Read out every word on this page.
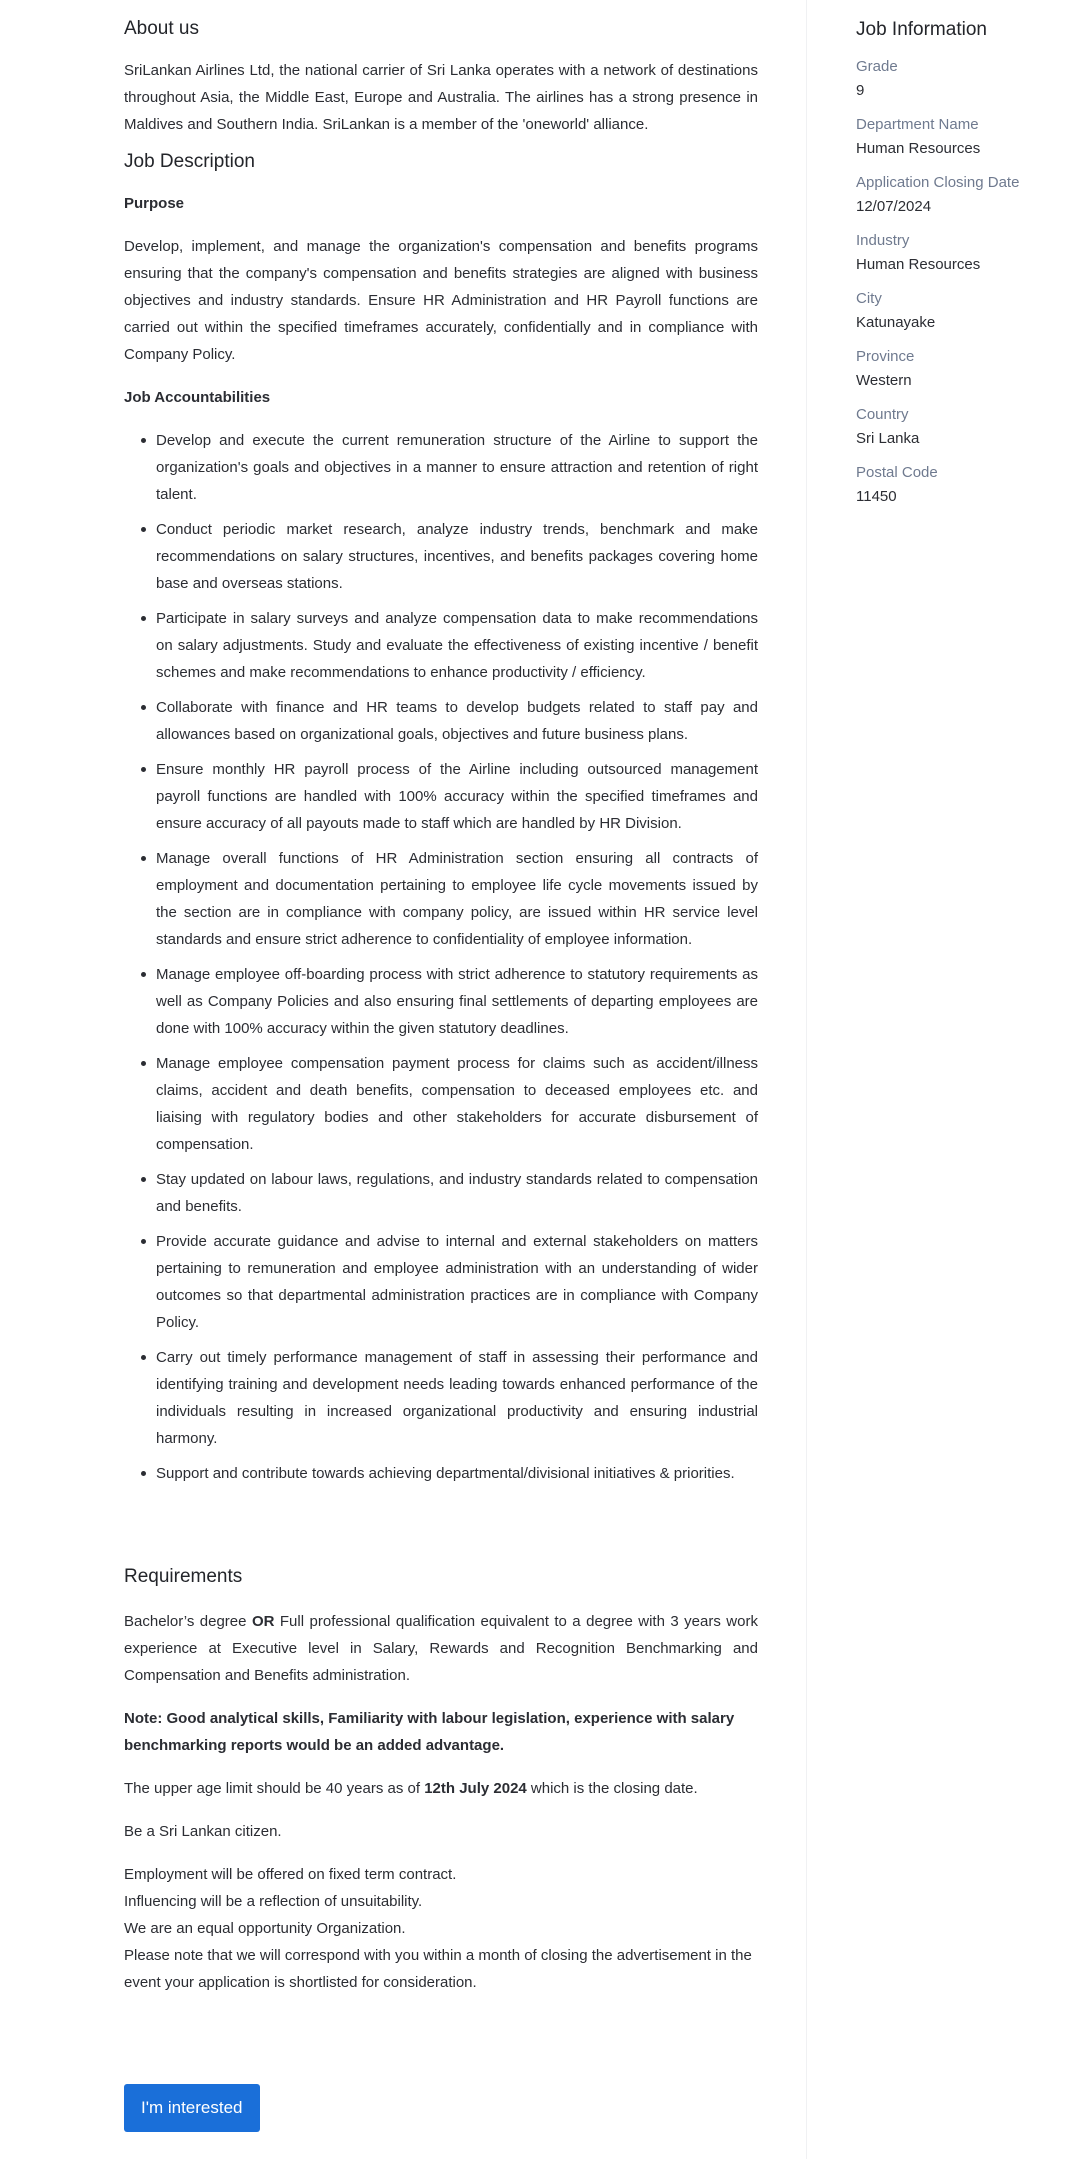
About us

SriLankan Airlines Ltd, the national carrier of Sri Lanka operates with a network of destinations throughout Asia, the Middle East, Europe and Australia. The airlines has a strong presence in Maldives and Southern India. SriLankan is a member of the 'oneworld' alliance.

Job Description
Purpose

Develop, implement, and manage the organization's compensation and benefits programs ensuring that the company's compensation and benefits strategies are aligned with business objectives and industry standards. Ensure HR Administration and HR Payroll functions are carried out within the specified timeframes accurately, confidentially and in compliance with Company Policy.

Job Accountabilities
Develop and execute the current remuneration structure of the Airline to support the organization's goals and objectives in a manner to ensure attraction and retention of right talent.
Conduct periodic market research, analyze industry trends, benchmark and make recommendations on salary structures, incentives, and benefits packages covering home base and overseas stations.
Participate in salary surveys and analyze compensation data to make recommendations on salary adjustments. Study and evaluate the effectiveness of existing incentive / benefit schemes and make recommendations to enhance productivity / efficiency.
Collaborate with finance and HR teams to develop budgets related to staff pay and allowances based on organizational goals, objectives and future business plans.
Ensure monthly HR payroll process of the Airline including outsourced management payroll functions are handled with 100% accuracy within the specified timeframes and ensure accuracy of all payouts made to staff which are handled by HR Division.
Manage overall functions of HR Administration section ensuring all contracts of employment and documentation pertaining to employee life cycle movements issued by the section are in compliance with company policy, are issued within HR service level standards and ensure strict adherence to confidentiality of employee information.
Manage employee off-boarding process with strict adherence to statutory requirements as well as Company Policies and also ensuring final settlements of departing employees are done with 100% accuracy within the given statutory deadlines.
Manage employee compensation payment process for claims such as accident/illness claims, accident and death benefits, compensation to deceased employees etc. and liaising with regulatory bodies and other stakeholders for accurate disbursement of compensation.
Stay updated on labour laws, regulations, and industry standards related to compensation and benefits.
Provide accurate guidance and advise to internal and external stakeholders on matters pertaining to remuneration and employee administration with an understanding of wider outcomes so that departmental administration practices are in compliance with Company Policy.
Carry out timely performance management of staff in assessing their performance and identifying training and development needs leading towards enhanced performance of the individuals resulting in increased organizational productivity and ensuring industrial harmony.
Support and contribute towards achieving departmental/divisional initiatives & priorities.
Requirements

Bachelor’s degree OR Full professional qualification equivalent to a degree with 3 years work experience at Executive level in Salary, Rewards and Recognition Benchmarking and Compensation and Benefits administration.

Note: Good analytical skills, Familiarity with labour legislation, experience with salary benchmarking reports would be an added advantage.

The upper age limit should be 40 years as of 12th July 2024 which is the closing date.

Be a Sri Lankan citizen.

Employment will be offered on fixed term contract.
Influencing will be a reflection of unsuitability.
We are an equal opportunity Organization.
Please note that we will correspond with you within a month of closing the advertisement in the event your application is shortlisted for consideration.
I'm interested
Job Information
Grade
9
Department Name
Human Resources
Application Closing Date
12/07/2024
Industry
Human Resources
City
Katunayake
Province
Western
Country
Sri Lanka
Postal Code
11450
